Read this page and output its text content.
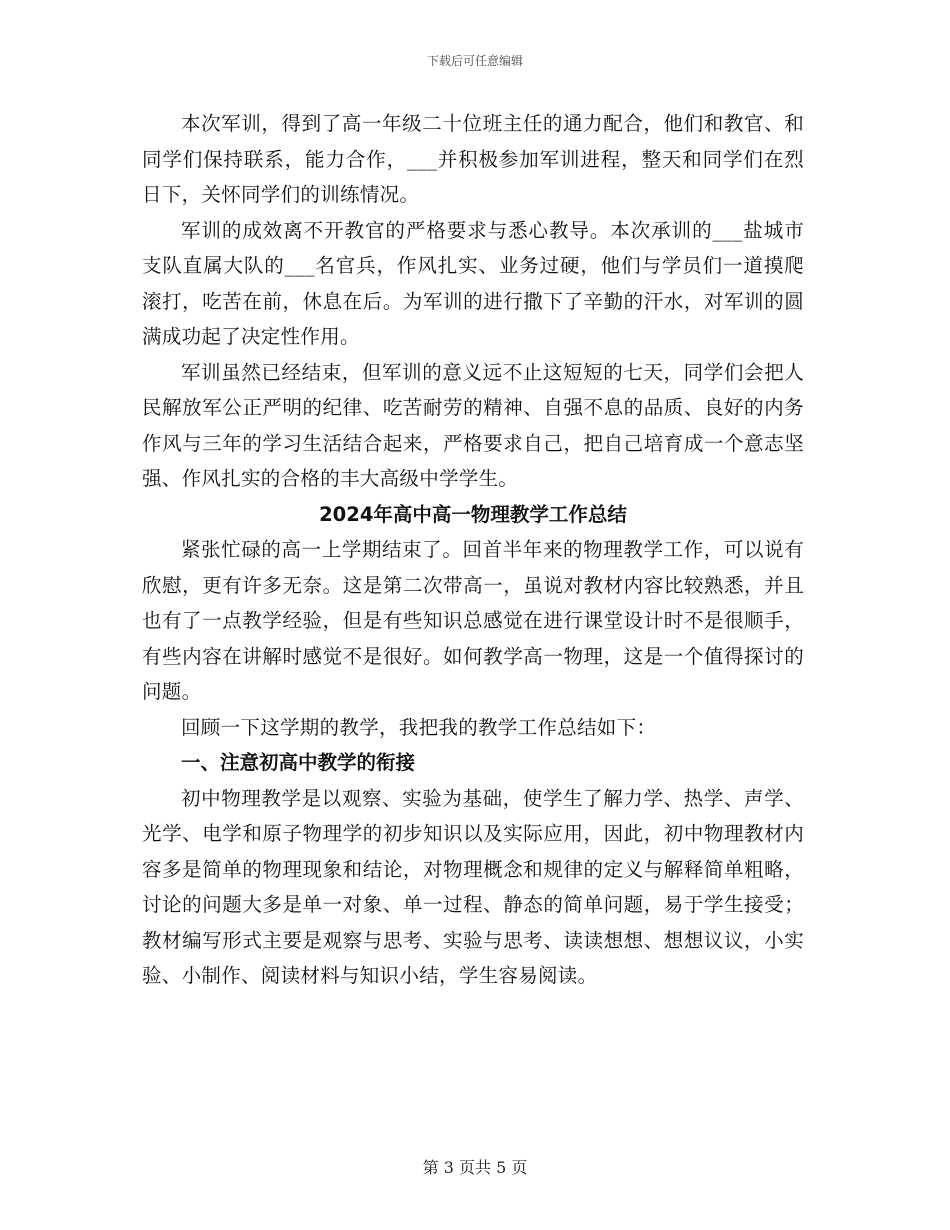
下载后可任意编辑

本次军训，得到了高一年级二十位班主任的通力配合，他们和教官、和同学们保持联系，能力合作，___并积极参加军训进程，整天和同学们在烈日下，关怀同学们的训练情况。

军训的成效离不开教官的严格要求与悉心教导。本次承训的___盐城市支队直属大队的___名官兵，作风扎实、业务过硬，他们与学员们一道摸爬滚打，吃苦在前，休息在后。为军训的进行撒下了辛勤的汗水，对军训的圆满成功起了决定性作用。

军训虽然已经结束，但军训的意义远不止这短短的七天，同学们会把人民解放军公正严明的纪律、吃苦耐劳的精神、自强不息的品质、良好的内务作风与三年的学习生活结合起来，严格要求自己，把自己培育成一个意志坚强、作风扎实的合格的丰大高级中学学生。

2024年高中高一物理教学工作总结

紧张忙碌的高一上学期结束了。回首半年来的物理教学工作，可以说有欣慰，更有许多无奈。这是第二次带高一，虽说对教材内容比较熟悉，并且也有了一点教学经验，但是有些知识总感觉在进行课堂设计时不是很顺手，有些内容在讲解时感觉不是很好。如何教学高一物理，这是一个值得探讨的问题。

回顾一下这学期的教学，我把我的教学工作总结如下：

一、注意初高中教学的衔接

初中物理教学是以观察、实验为基础，使学生了解力学、热学、声学、光学、电学和原子物理学的初步知识以及实际应用，因此，初中物理教材内容多是简单的物理现象和结论，对物理概念和规律的定义与解释简单粗略，讨论的问题大多是单一对象、单一过程、静态的简单问题，易于学生接受；教材编写形式主要是观察与思考、实验与思考、读读想想、想想议议，小实验、小制作、阅读材料与知识小结，学生容易阅读。

第 3 页共 5 页
